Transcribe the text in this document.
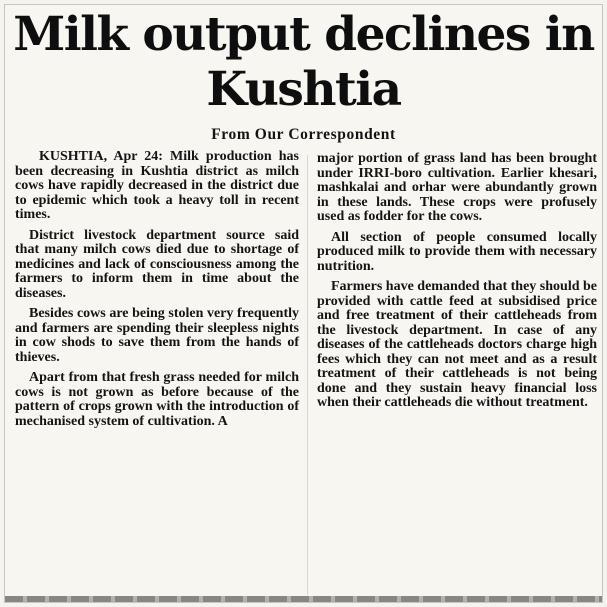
Milk output declines in Kushtia
From Our Correspondent

KUSHTIA, Apr 24: Milk production has been decreasing in Kushtia district as milch cows have rapidly decreased in the district due to epidemic which took a heavy toll in recent times.

District livestock department source said that many milch cows died due to shortage of medicines and lack of consciousness among the farmers to inform them in time about the diseases.

Besides cows are being stolen very frequently and farmers are spending their sleepless nights in cow shods to save them from the hands of thieves.

Apart from that fresh grass needed for milch cows is not grown as before because of the pattern of crops grown with the introduction of mechanised system of cultivation. A

major portion of grass land has been brought under IRRI-boro cultivation. Earlier khesari, mashkalai and orhar were abundantly grown in these lands. These crops were profusely used as fodder for the cows.

All section of people consumed locally produced milk to provide them with necessary nutrition.

Farmers have demanded that they should be provided with cattle feed at subsidised price and free treatment of their cattleheads from the livestock department. In case of any diseases of the cattleheads doctors charge high fees which they can not meet and as a result treatment of their cattleheads is not being done and they sustain heavy financial loss when their cattleheads die without treatment.
